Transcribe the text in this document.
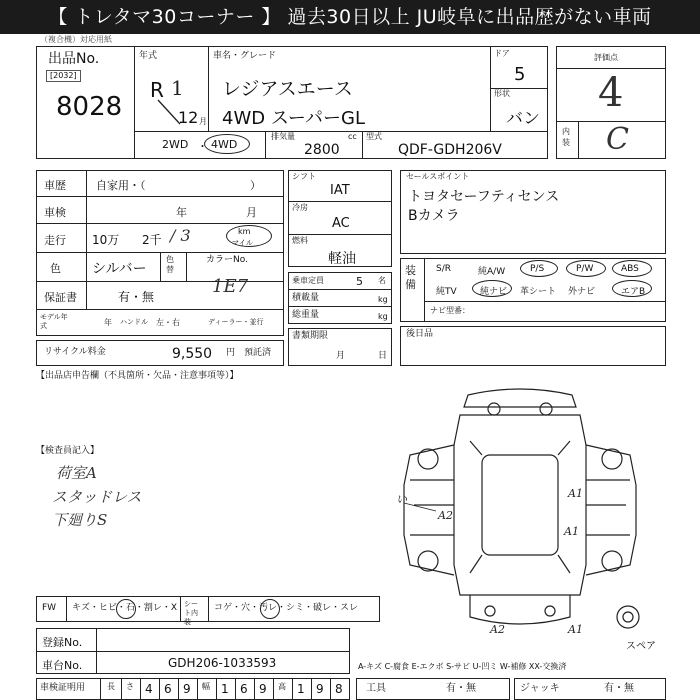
【 トレタマ30コーナー 】 過去30日以上 JU岐阜に出品歴がない車両
（複合機）対応用紙
出品No.
[2032]
8028
年式
R 1
12 月
車名・グレード
レジアスエース
4WD スーパーGL
ドア
5
形状
バン
2WD ・ 4WD
排気量	cc
2800
型式
QDF-GDH206V
評価点
4
内装 C
車歴	自家用・（	）
車検	年	月
走行 10万 2千 / 3	km
マイル
色 シルバー
色替
カラーNo.
1E7
保証書	有・無
モデル年式	年 ハンドル 左・右	ディーラー・並行
リサイクル料金	9,550 円 預託済
シフト
IAT
冷房
AC
燃料
軽油
乗車定員	5 名
積載量	kg
総重量	kg
書類期限
月	日
セールスポイント
トヨタセーフティセンス
Bカメラ
装備
S/R	純A/W	P/S	P/W	ABS
純TV	純ナビ 革シート 外ナビ	エアB
ナビ型番：
後日品
【出品店申告欄（不具箇所・欠品・注意事項等）】
【検査員記入】
荷室A
スタッドレス
下廻りS	A2
A1
A1
A2	A1
い
スペア
FW キズ・ヒビ・石・割レ・X シート内装
コゲ・穴・汚レ・シミ・破レ・スレ
登録No.
車台No.	GDH206-1033593
車検証明用	長 さ 4 6 9 幅 1 6 9 高 1 9 8
A-キズ C-腐食 E-エクボ S-サビ U-凹ミ W-補修 XX-交換済
工具	有・無	ジャッキ	有・無
